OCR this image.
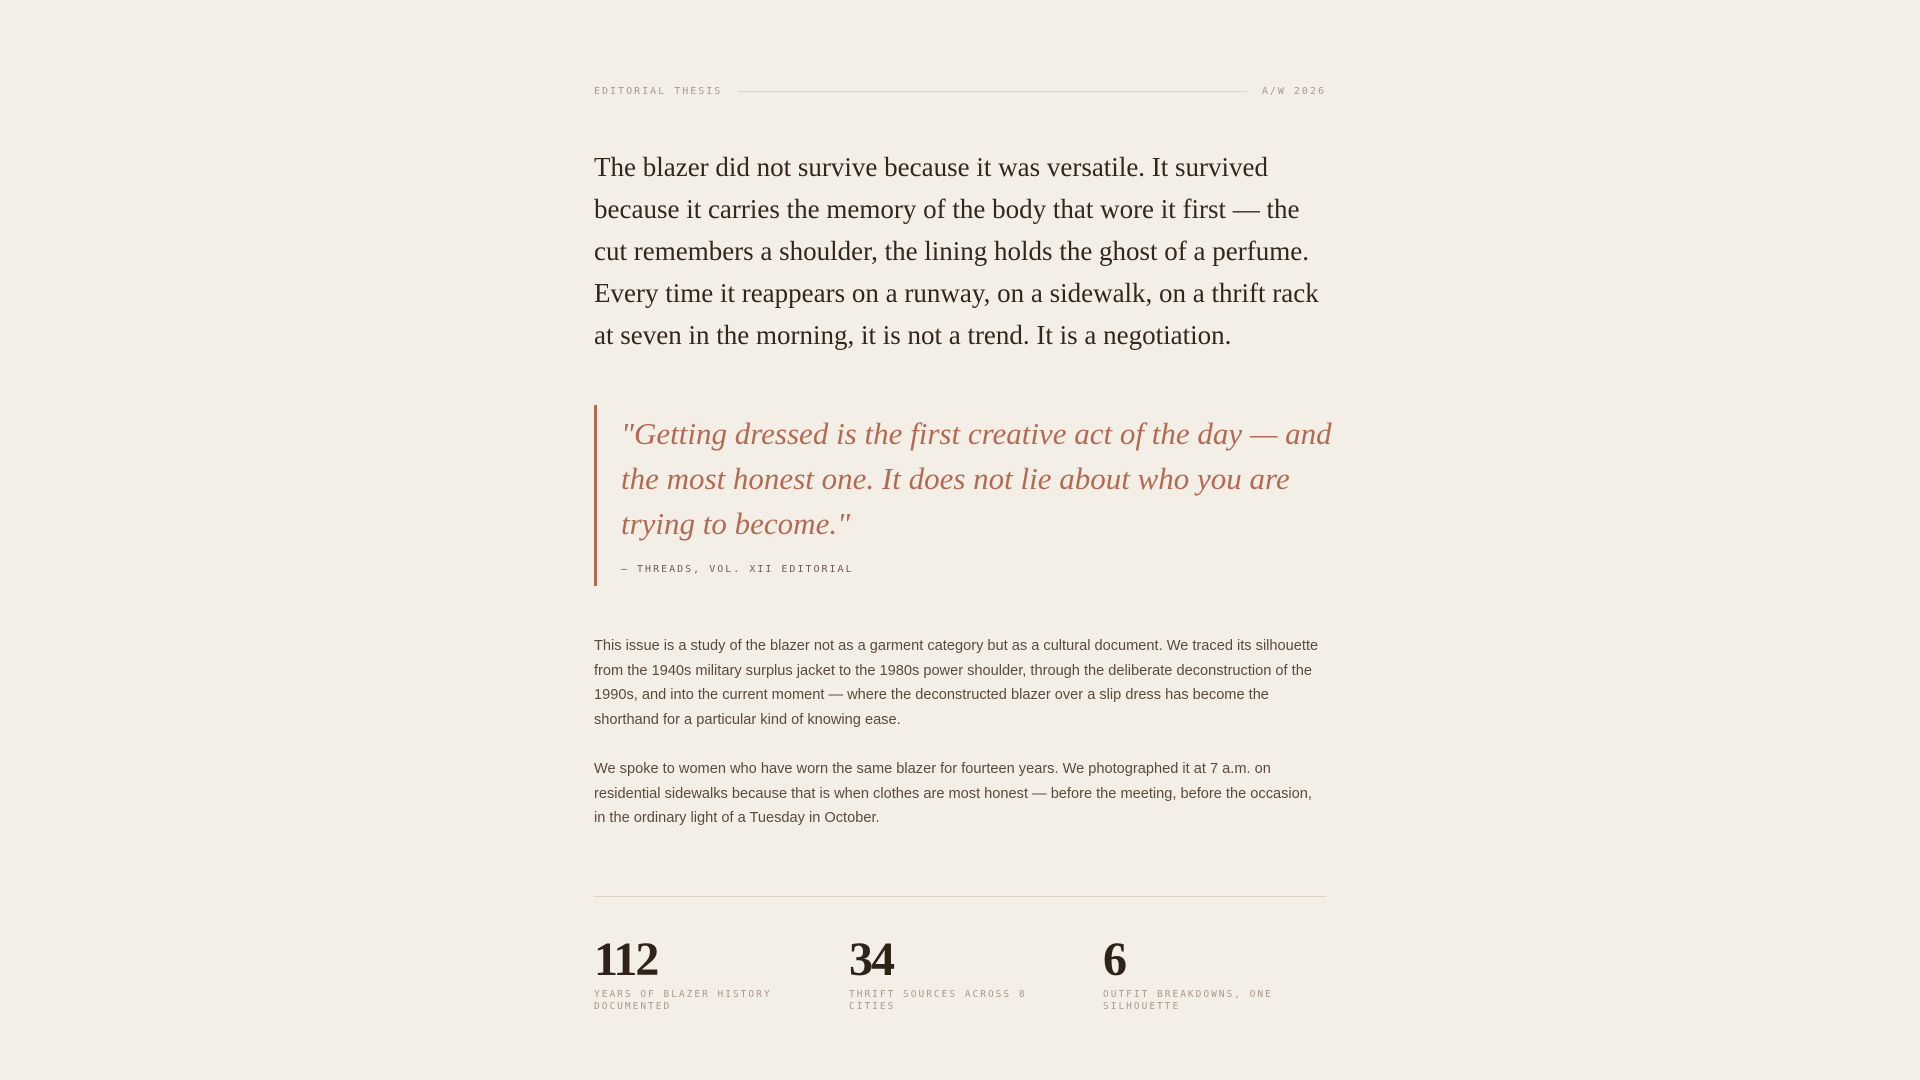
EDITORIAL THESIS	A/W 2026

The blazer did not survive because it was versatile. It survived because it carries the memory of the body that wore it first — the cut remembers a shoulder, the lining holds the ghost of a perfume. Every time it reappears on a runway, on a sidewalk, on a thrift rack at seven in the morning, it is not a trend. It is a negotiation.

"Getting dressed is the first creative act of the day — and the most honest one. It does not lie about who you are trying to become."

— THREADS, VOL. XII EDITORIAL

This issue is a study of the blazer not as a garment category but as a cultural document. We traced its silhouette from the 1940s military surplus jacket to the 1980s power shoulder, through the deliberate deconstruction of the 1990s, and into the current moment — where the deconstructed blazer over a slip dress has become the shorthand for a particular kind of knowing ease.

We spoke to women who have worn the same blazer for fourteen years. We photographed it at 7 a.m. on residential sidewalks because that is when clothes are most honest — before the meeting, before the occasion, in the ordinary light of a Tuesday in October.

112
YEARS OF BLAZER HISTORY DOCUMENTED
34
THRIFT SOURCES ACROSS 8 CITIES
6
OUTFIT BREAKDOWNS, ONE SILHOUETTE
